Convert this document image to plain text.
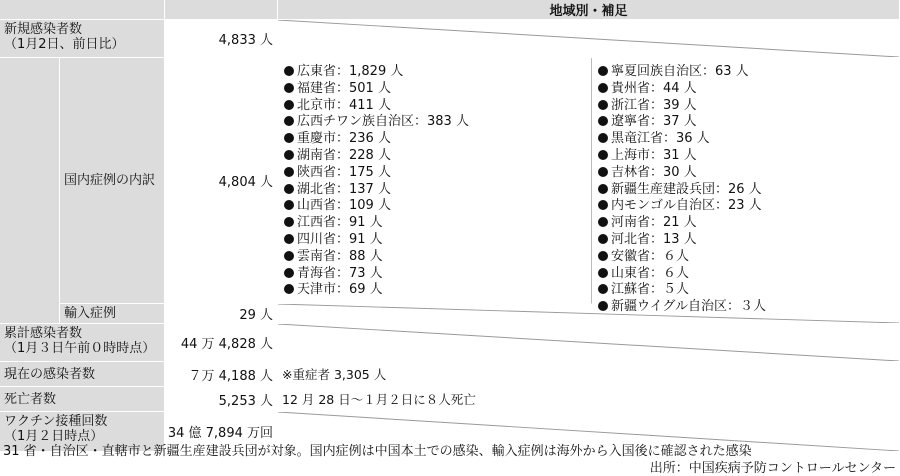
地域別・補足
新規感染者数
（1月2日、前日比）	4,833 人
国内症例の内訳	4,804 人
広東省：1,829 人
福建省：501 人
北京市：411 人
広西チワン族自治区：383 人
重慶市：236 人
湖南省：228 人
陝西省：175 人
湖北省：137 人
山西省：109 人
江西省：91 人
四川省：91 人
雲南省：88 人
青海省：73 人
天津市：69 人
寧夏回族自治区：63 人
貴州省：44 人
浙江省：39 人
遼寧省：37 人
黒竜江省：36 人
上海市：31 人
吉林省：30 人
新疆生産建設兵団：26 人
内モンゴル自治区：23 人
河南省：21 人
河北省：13 人
安徽省：６人
山東省：６人
江蘇省：５人
新疆ウイグル自治区：３人
輸入症例	29 人
累計感染者数
（1月３日午前０時時点）	44 万 4,828 人
現在の感染者数	７万 4,188 人 ※重症者 3,305 人
死亡者数	5,253 人 12 月 28 日～１月２日に８人死亡
ワクチン接種回数
（1月２日時点）	34 億 7,894 万回
31 省・自治区・直轄市と新疆生産建設兵団が対象。国内症例は中国本土での感染、輸入症例は海外から入国後に確認された感染
出所：中国疾病予防コントロールセンター
